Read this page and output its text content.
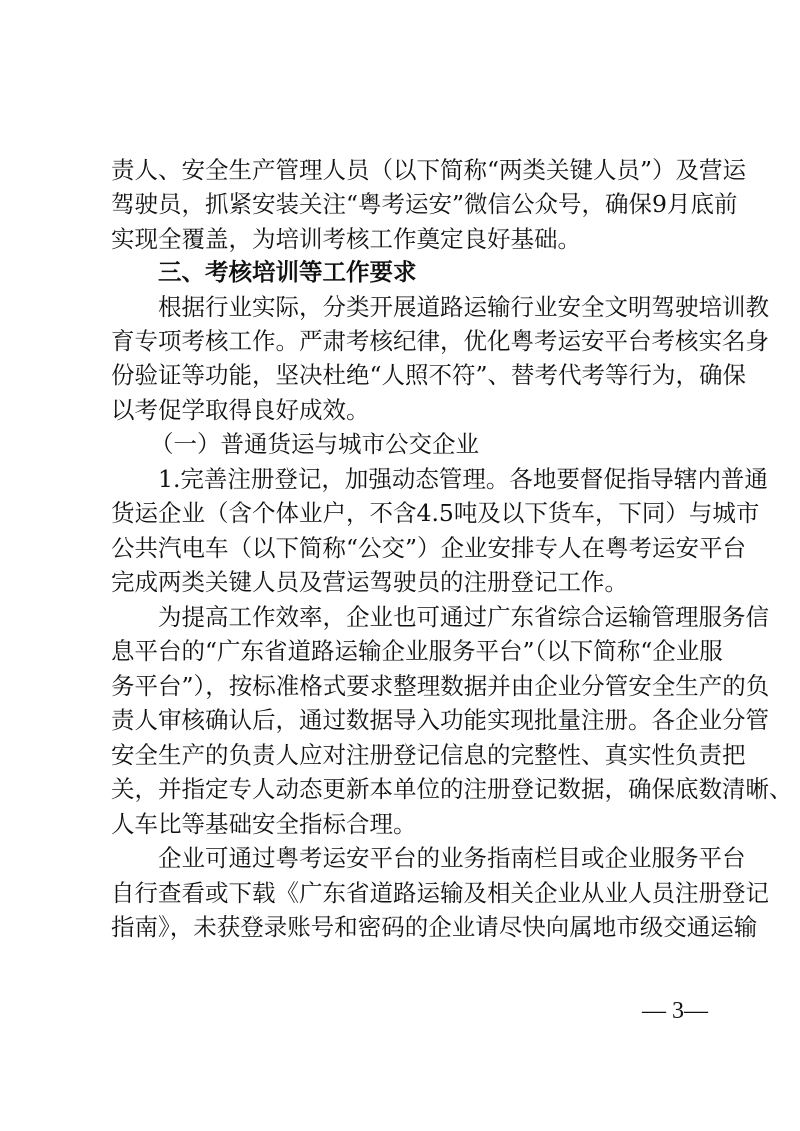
责人、安全生产管理人员（以下简称“两类关键人员”）及营运
驾驶员，抓紧安装关注“粤考运安”微信公众号，确保9月底前
实现全覆盖，为培训考核工作奠定良好基础。
三、考核培训等工作要求
根据行业实际，分类开展道路运输行业安全文明驾驶培训教
育专项考核工作。严肃考核纪律，优化粤考运安平台考核实名身
份验证等功能，坚决杜绝“人照不符”、替考代考等行为，确保
以考促学取得良好成效。
（一）普通货运与城市公交企业
1.完善注册登记，加强动态管理。各地要督促指导辖内普通
货运企业（含个体业户，不含4.5吨及以下货车，下同）与城市
公共汽电车（以下简称“公交”）企业安排专人在粤考运安平台
完成两类关键人员及营运驾驶员的注册登记工作。
为提高工作效率，企业也可通过广东省综合运输管理服务信
息平台的“广东省道路运输企业服务平台”（以下简称“企业服
务平台”），按标准格式要求整理数据并由企业分管安全生产的负
责人审核确认后，通过数据导入功能实现批量注册。各企业分管
安全生产的负责人应对注册登记信息的完整性、真实性负责把
关，并指定专人动态更新本单位的注册登记数据，确保底数清晰、
人车比等基础安全指标合理。
企业可通过粤考运安平台的业务指南栏目或企业服务平台
自行查看或下载《广东省道路运输及相关企业从业人员注册登记
指南》，未获登录账号和密码的企业请尽快向属地市级交通运输
— 3—
